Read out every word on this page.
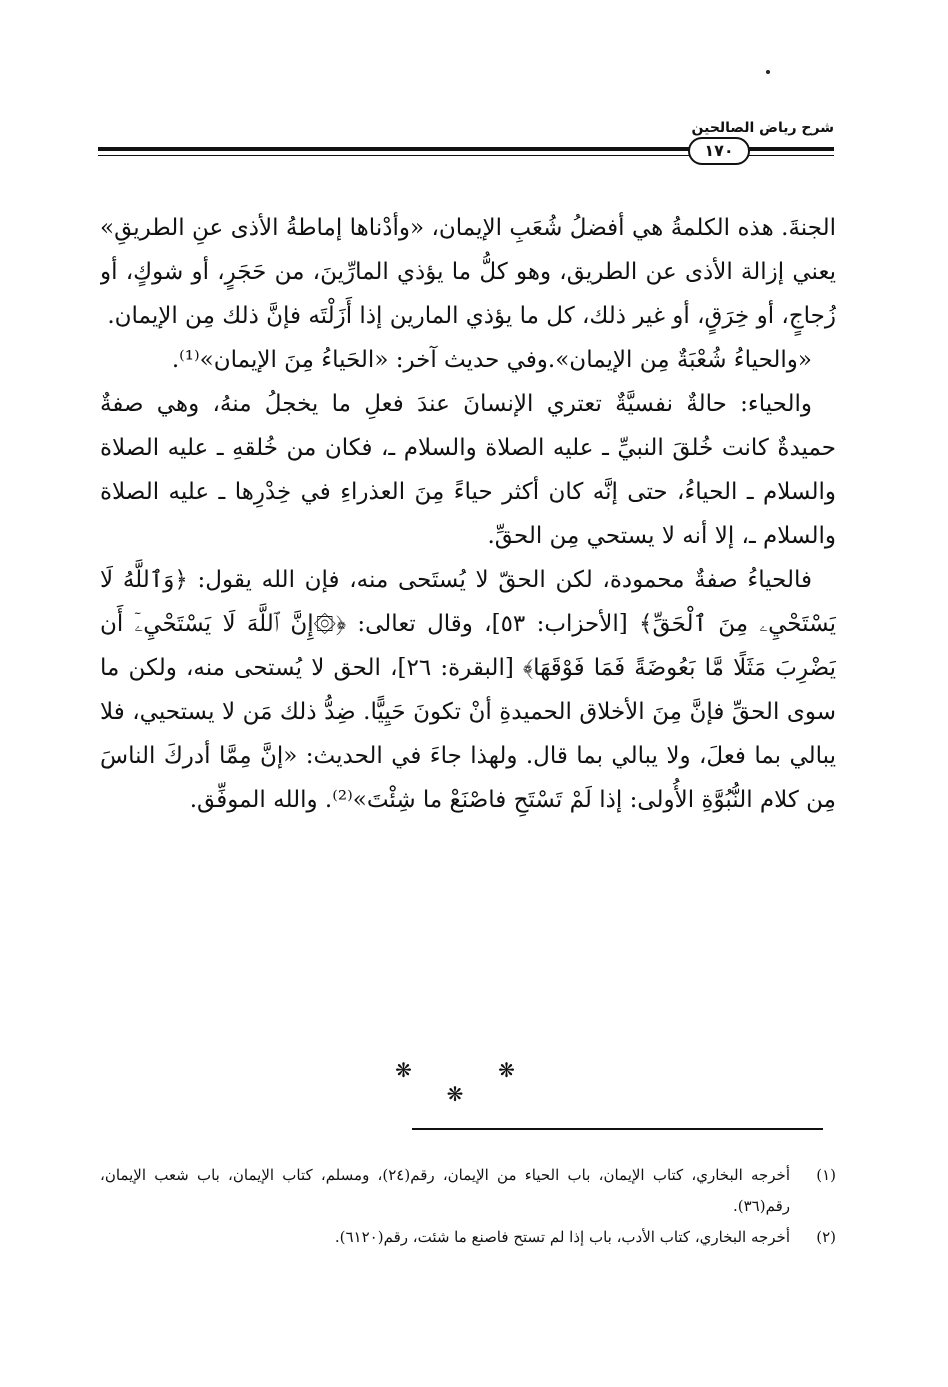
شرح رياض الصالحين
١٧٠

الجنةَ. هذه الكلمةُ هي أفضلُ شُعَبِ الإيمان، «وأدْناها إماطةُ الأذى عنِ الطريقِ» يعني إزالة الأذى عن الطريق، وهو كلُّ ما يؤذي المارِّينَ، من حَجَرٍ، أو شوكٍ، أو زُجاجٍ، أو خِرَقٍ، أو غير ذلك، كل ما يؤذي المارين إذا أَزَلْتَه فإنَّ ذلك مِن الإيمان.

«والحياءُ شُعْبَةٌ مِن الإيمان».وفي حديث آخر: «الحَياءُ مِنَ الإيمان»⁽¹⁾.

والحياء: حالةٌ نفسيَّةٌ تعتري الإنسانَ عندَ فعلِ ما يخجلُ منهُ، وهي صفةٌ حميدةٌ كانت خُلقَ النبيِّ ـ عليه الصلاة والسلام ـ، فكان من خُلقهِ ـ عليه الصلاة والسلام ـ الحياءُ، حتى إنَّه كان أكثر حياءً مِنَ العذراءِ في خِدْرِها ـ عليه الصلاة والسلام ـ، إلا أنه لا يستحي مِن الحقِّ.

فالحياءُ صفةٌ محمودة، لكن الحقّ لا يُستَحى منه، فإن الله يقول: ﴿وَٱللَّهُ لَا يَسْتَحْيِۦ مِنَ ٱلْحَقِّ﴾ [الأحزاب: ٥٣]، وقال تعالى: ﴿۞إِنَّ ٱللَّهَ لَا يَسْتَحْيِۦٓ أَن يَضْرِبَ مَثَلًا مَّا بَعُوضَةً فَمَا فَوْقَهَا﴾ [البقرة: ٢٦]، الحق لا يُستحى منه، ولكن ما سوى الحقِّ فإنَّ مِنَ الأخلاق الحميدةِ أنْ تكونَ حَيِيًّا. ضِدُّ ذلك مَن لا يستحيي، فلا يبالي بما فعلَ، ولا يبالي بما قال. ولهذا جاءَ في الحديث: «إنَّ مِمَّا أدركَ الناسَ مِن كلام النُّبُوَّةِ الأُولى: إذا لَمْ تَسْتَحِ فاصْنَعْ ما شِئْتَ»⁽²⁾. والله الموفِّق.

❋ ❋ ❋
(١)
أخرجه البخاري، كتاب الإيمان، باب الحياء من الإيمان، رقم(٢٤)، ومسلم، كتاب الإيمان، باب شعب الإيمان، رقم(٣٦).
(٢)
أخرجه البخاري، كتاب الأدب، باب إذا لم تستح فاصنع ما شئت، رقم(٦١٢٠).
